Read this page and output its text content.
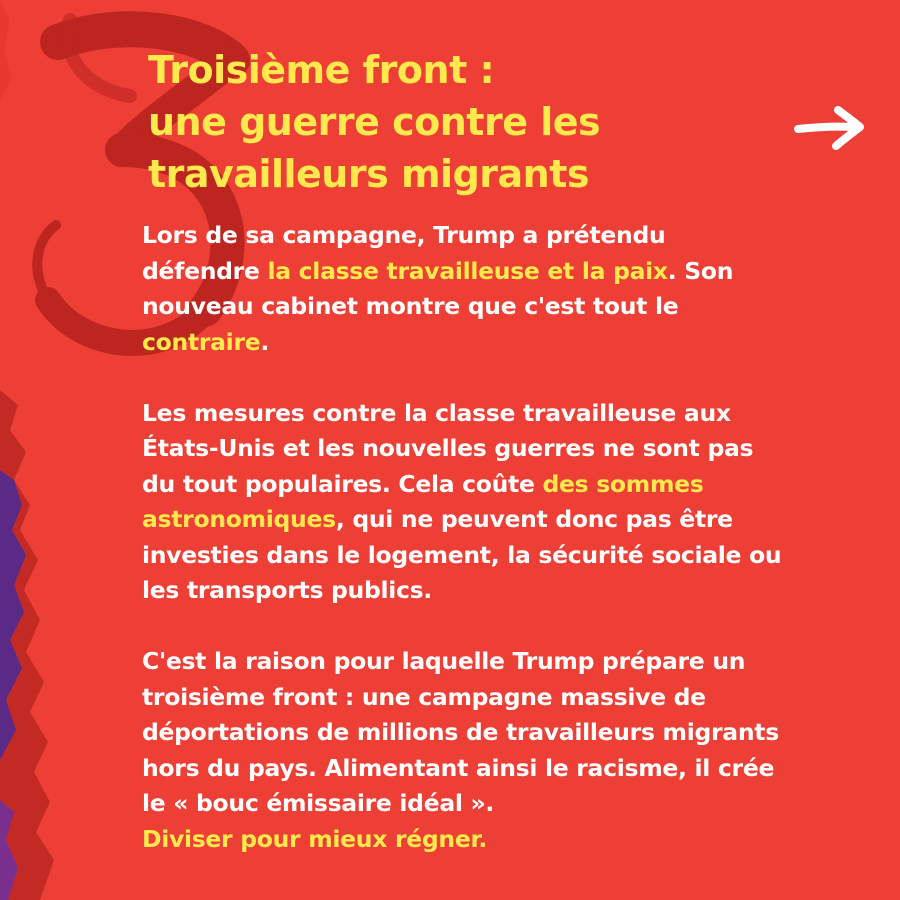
Troisième front :
une guerre contre les
travailleurs migrants

Lors de sa campagne, Trump a prétendu
défendre la classe travailleuse et la paix. Son
nouveau cabinet montre que c'est tout le
contraire.

Les mesures contre la classe travailleuse aux
États-Unis et les nouvelles guerres ne sont pas
du tout populaires. Cela coûte des sommes
astronomiques, qui ne peuvent donc pas être
investies dans le logement, la sécurité sociale ou
les transports publics.

C'est la raison pour laquelle Trump prépare un
troisième front : une campagne massive de
déportations de millions de travailleurs migrants
hors du pays. Alimentant ainsi le racisme, il crée
le « bouc émissaire idéal ».
Diviser pour mieux régner.
